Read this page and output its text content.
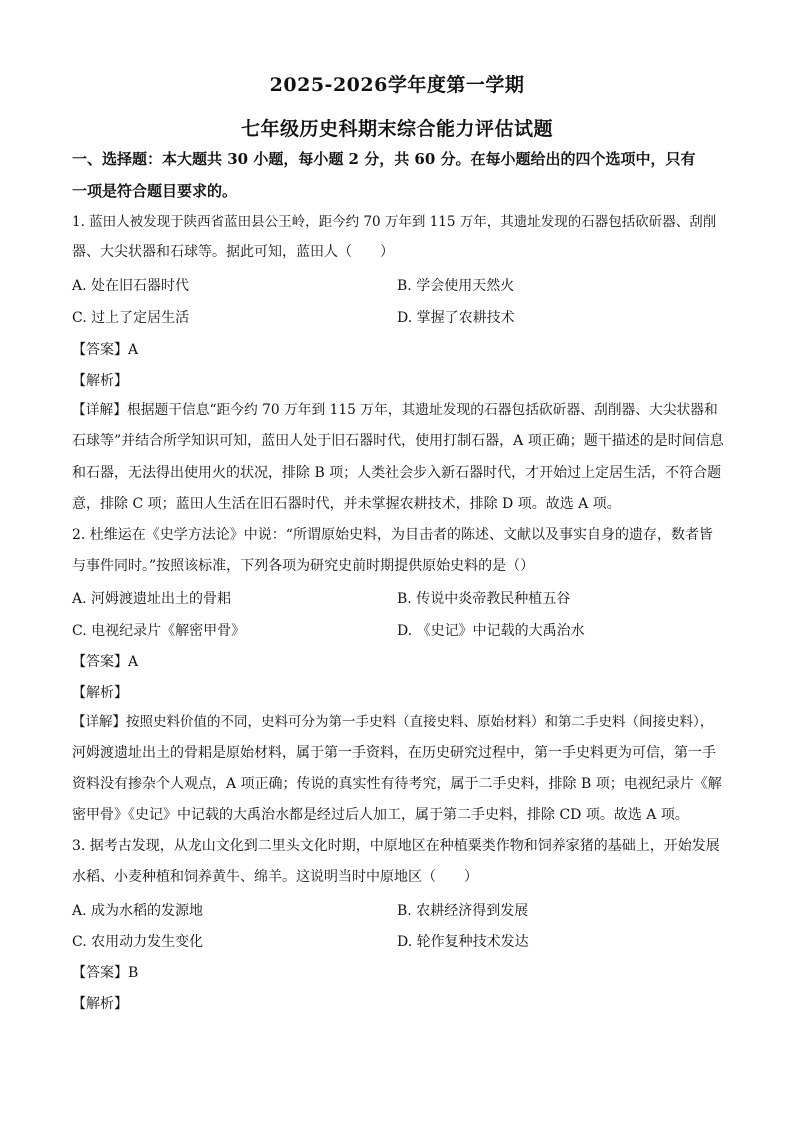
2025-2026学年度第一学期
七年级历史科期末综合能力评估试题
一、选择题：本大题共 30 小题，每小题 2 分，共 60 分。在每小题给出的四个选项中，只有
一项是符合题目要求的。
1. 蓝田人被发现于陕西省蓝田县公王岭，距今约 70 万年到 115 万年，其遗址发现的石器包括砍斫器、刮削
器、大尖状器和石球等。据此可知，蓝田人（　　）
A. 处在旧石器时代	B. 学会使用天然火
C. 过上了定居生活	D. 掌握了农耕技术
【答案】A
【解析】
【详解】根据题干信息“距今约 70 万年到 115 万年，其遗址发现的石器包括砍斫器、刮削器、大尖状器和
石球等”并结合所学知识可知，蓝田人处于旧石器时代，使用打制石器，A 项正确；题干描述的是时间信息
和石器，无法得出使用火的状况，排除 B 项；人类社会步入新石器时代，才开始过上定居生活，不符合题
意，排除 C 项；蓝田人生活在旧石器时代，并未掌握农耕技术，排除 D 项。故选 A 项。
2. 杜维运在《史学方法论》中说：“所谓原始史料，为目击者的陈述、文献以及事实自身的遗存，数者皆
与事件同时。”按照该标准，下列各项为研究史前时期提供原始史料的是（）
A. 河姆渡遗址出土的骨耜	B. 传说中炎帝教民种植五谷
C. 电视纪录片《解密甲骨》	D. 《史记》中记载的大禹治水
【答案】A
【解析】
【详解】按照史料价值的不同，史料可分为第一手史料（直接史料、原始材料）和第二手史料（间接史料），
河姆渡遗址出土的骨耜是原始材料，属于第一手资料，在历史研究过程中，第一手史料更为可信，第一手
资料没有掺杂个人观点，A 项正确；传说的真实性有待考究，属于二手史料，排除 B 项；电视纪录片《解
密甲骨》《史记》中记载的大禹治水都是经过后人加工，属于第二手史料，排除 CD 项。故选 A 项。
3. 据考古发现，从龙山文化到二里头文化时期，中原地区在种植粟类作物和饲养家猪的基础上，开始发展
水稻、小麦种植和饲养黄牛、绵羊。这说明当时中原地区（　　）
A. 成为水稻的发源地	B. 农耕经济得到发展
C. 农用动力发生变化	D. 轮作复种技术发达
【答案】B
【解析】
